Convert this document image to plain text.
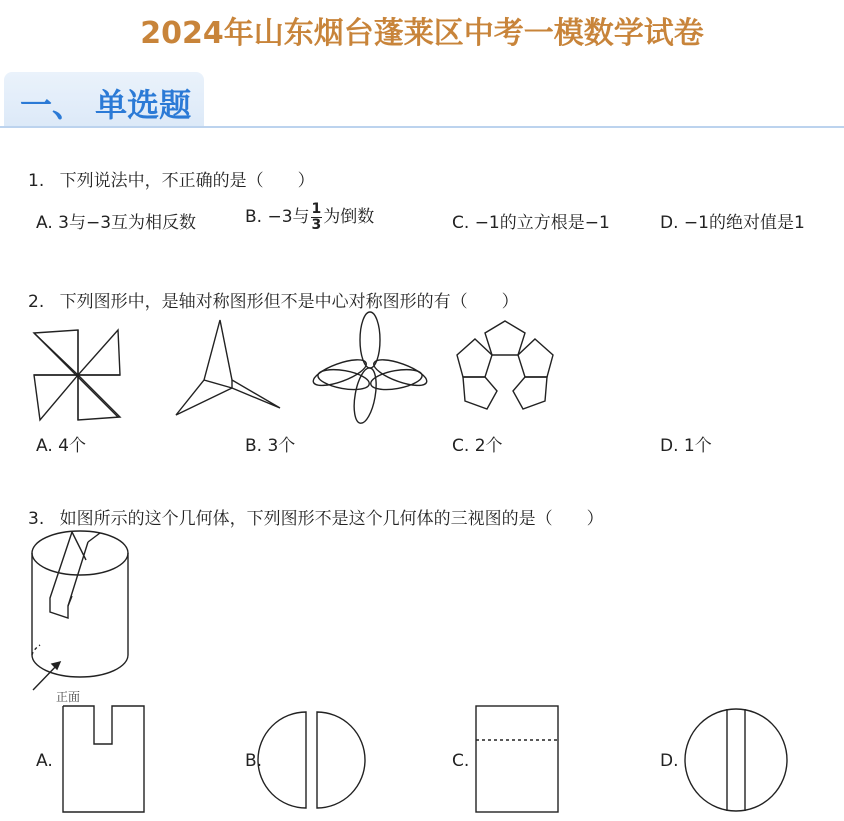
2024年山东烟台蓬莱区中考一模数学试卷
一、 单选题
1. 下列说法中，不正确的是（　　）
A. 3与−3互为相反数	B. −3与 $\frac{1}{3}$ 为倒数	C. −1的立方根是−1	D. −1的绝对值是1
2. 下列图形中，是轴对称图形但不是中心对称图形的有（　　）
A. 4个	B. 3个	C. 2个	D. 1个
3. 如图所示的这个几何体，下列图形不是这个几何体的三视图的是（　　）
正面
A.	B.	C.	D.
